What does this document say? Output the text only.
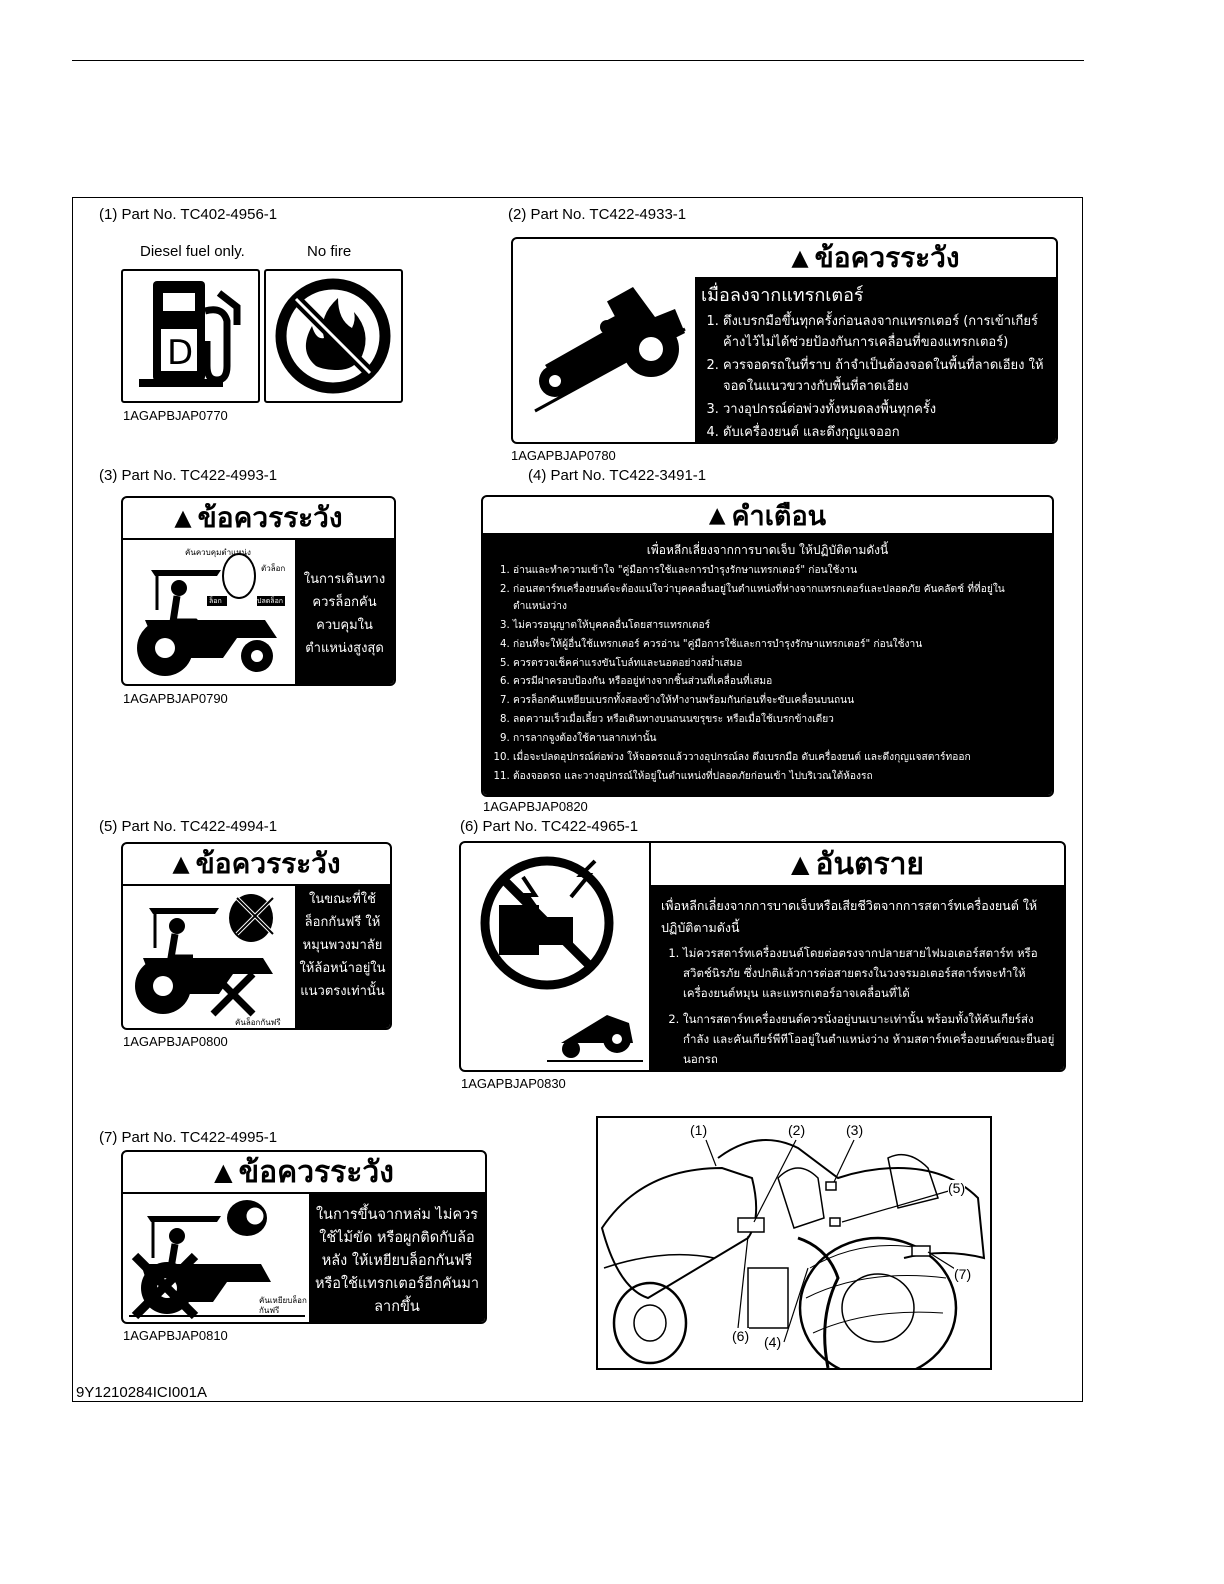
(1) Part No. TC402-4956-1
Diesel fuel only.	No fire
D
1AGAPBJAP0770
(2) Part No. TC422-4933-1
▲ ข้อควรระวัง
เมื่อลงจากแทรกเตอร์
1. ดึงเบรกมือขึ้นทุกครั้งก่อนลงจากแทรกเตอร์ (การเข้าเกียร์ค้างไว้ไม่ได้ช่วยป้องกันการเคลื่อนที่ของแทรกเตอร์)
2. ควรจอดรถในที่ราบ ถ้าจำเป็นต้องจอดในพื้นที่ลาดเอียง ให้จอดในแนวขวางกับพื้นที่ลาดเอียง
3. วางอุปกรณ์ต่อพ่วงทั้งหมดลงพื้นทุกครั้ง
4. ดับเครื่องยนต์ และดึงกุญแจออก
1AGAPBJAP0780
(3) Part No. TC422-4993-1
▲ ข้อควรระวัง
คันควบคุมตำแหน่ง
ตัวล็อก
ล็อก	ปลดล็อก
ในการเดินทาง ควรล็อกคันควบคุมในตำแหน่งสูงสุด
1AGAPBJAP0790
(4) Part No. TC422-3491-1
▲ คำเตือน
เพื่อหลีกเลี่ยงจากการบาดเจ็บ ให้ปฏิบัติตามดังนี้
1. อ่านและทำความเข้าใจ "คู่มือการใช้และการบำรุงรักษาแทรกเตอร์" ก่อนใช้งาน
2. ก่อนสตาร์ทเครื่องยนต์จะต้องแน่ใจว่าบุคคลอื่นอยู่ในตำแหน่งที่ห่างจากแทรกเตอร์และปลอดภัย คันคลัตช์ ที่ที่อยู่ในตำแหน่งว่าง
3. ไม่ควรอนุญาตให้บุคคลอื่นโดยสารแทรกเตอร์
4. ก่อนที่จะให้ผู้อื่นใช้แทรกเตอร์ ควรอ่าน "คู่มือการใช้และการบำรุงรักษาแทรกเตอร์" ก่อนใช้งาน
5. ควรตรวจเช็คค่าแรงขันโบล์ทและนอตอย่างสม่ำเสมอ
6. ควรมีฝาครอบป้องกัน หรืออยู่ห่างจากชิ้นส่วนที่เคลื่อนที่เสมอ
7. ควรล็อกคันเหยียบเบรกทั้งสองข้างให้ทำงานพร้อมกันก่อนที่จะขับเคลื่อนบนถนน
8. ลดความเร็วเมื่อเลี้ยว หรือเดินทางบนถนนขรุขระ หรือเมื่อใช้เบรกข้างเดียว
9. การลากจูงต้องใช้คานลากเท่านั้น
10. เมื่อจะปลดอุปกรณ์ต่อพ่วง ให้จอดรถแล้ววางอุปกรณ์ลง ดึงเบรกมือ ดับเครื่องยนต์ และดึงกุญแจสตาร์ทออก
11. ต้องจอดรถ และวางอุปกรณ์ให้อยู่ในตำแหน่งที่ปลอดภัยก่อนเข้า ไปบริเวณใต้ห้องรถ
1AGAPBJAP0820
(5) Part No. TC422-4994-1
▲ ข้อควรระวัง
คันล็อกกันฟรี
ในขณะที่ใช้ล็อกกันฟรี ให้หมุนพวงมาลัยให้ล้อหน้าอยู่ในแนวตรงเท่านั้น
1AGAPBJAP0800
(6) Part No. TC422-4965-1
▲ อันตราย
เพื่อหลีกเลี่ยงจากการบาดเจ็บหรือเสียชีวิตจากการสตาร์ทเครื่องยนต์ ให้ปฏิบัติตามดังนี้
1. ไม่ควรสตาร์ทเครื่องยนต์โดยต่อตรงจากปลายสายไฟมอเตอร์สตาร์ท หรือสวิตช์นิรภัย ซึ่งปกติแล้วการต่อสายตรงในวงจรมอเตอร์สตาร์ทจะทำให้เครื่องยนต์หมุน และแทรกเตอร์อาจเคลื่อนที่ได้
2. ในการสตาร์ทเครื่องยนต์ควรนั่งอยู่บนเบาะเท่านั้น พร้อมทั้งให้คันเกียร์ส่งกำลัง และคันเกียร์พีทีโออยู่ในตำแหน่งว่าง ห้ามสตาร์ทเครื่องยนต์ขณะยืนอยู่นอกรถ
1AGAPBJAP0830
(7) Part No. TC422-4995-1
▲ ข้อควรระวัง
คันเหยียบล็อกกันฟรี
ในการขึ้นจากหล่ม ไม่ควรใช้ไม้ขัด หรือผูกติดกับล้อหลัง ให้เหยียบล็อกกันฟรี หรือใช้แทรกเตอร์อีกคันมาลากขึ้น
1AGAPBJAP0810
(1)	(2)	(3)
(4)
(5)
(6)
(7)
9Y1210284ICI001A
